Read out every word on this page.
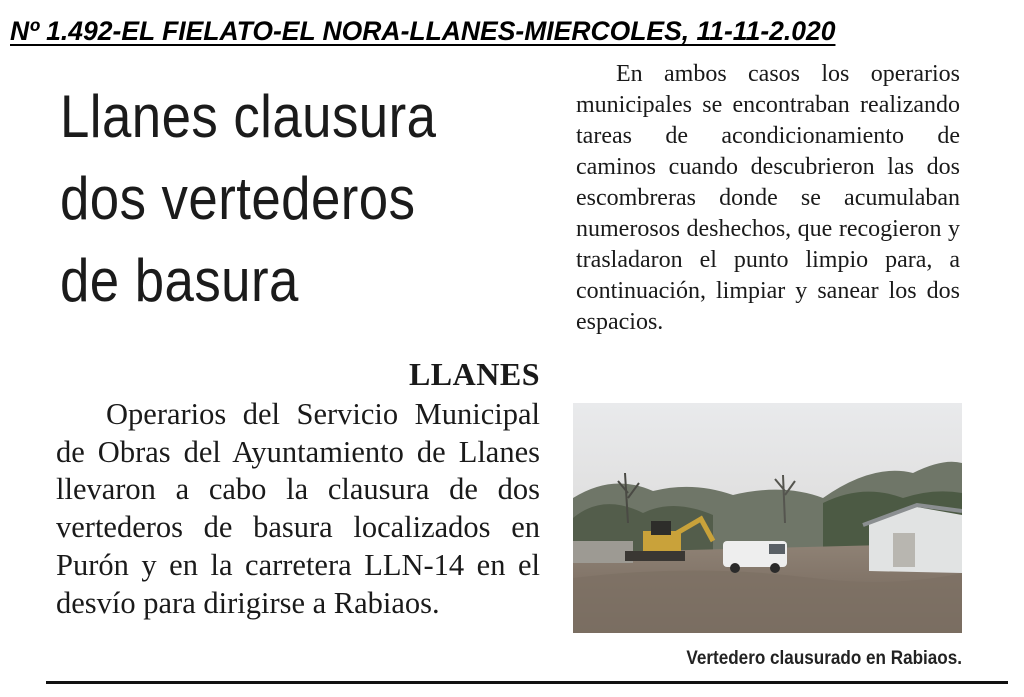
Nº 1.492-EL FIELATO-EL NORA-LLANES-MIERCOLES, 11-11-2.020
Llanes clausura dos vertederos de basura
LLANES

Operarios del Servicio Municipal de Obras del Ayuntamiento de Llanes llevaron a cabo la clausura de dos vertederos de basura localizados en Purón y en la carretera LLN-14 en el desvío para dirigirse a Rabiaos.

En ambos casos los operarios municipales se encontraban realizando tareas de acondicionamiento de caminos cuando descubrieron las dos escombreras donde se acumulaban numerosos deshechos, que recogieron y trasladaron el punto limpio para, a continuación, limpiar y sanear los dos espacios.

Vertedero clausurado en Rabiaos.
